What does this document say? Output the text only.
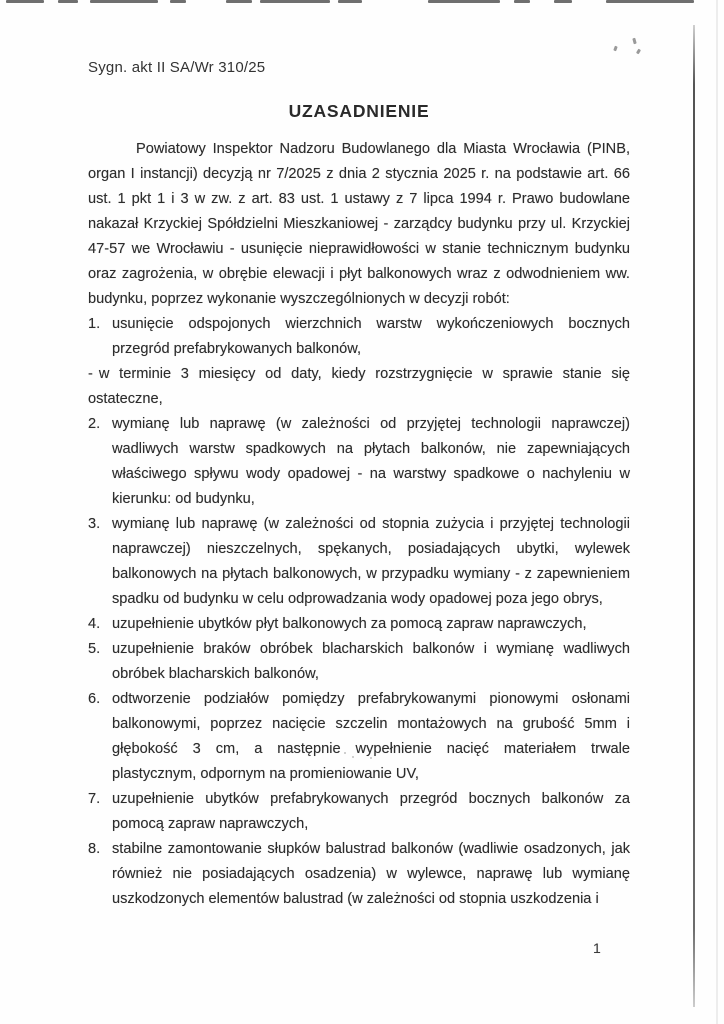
Sygn. akt II SA/Wr 310/25
UZASADNIENIE

Powiatowy Inspektor Nadzoru Budowlanego dla Miasta Wrocławia (PINB, organ I instancji) decyzją nr 7/2025 z dnia 2 stycznia 2025 r. na podstawie art. 66 ust. 1 pkt 1 i 3 w zw. z art. 83 ust. 1 ustawy z 7 lipca 1994 r. Prawo budowlane nakazał Krzyckiej Spółdzielni Mieszkaniowej - zarządcy budynku przy ul. Krzyckiej 47-57 we Wrocławiu - usunięcie nieprawidłowości w stanie technicznym budynku oraz zagrożenia, w obrębie elewacji i płyt balkonowych wraz z odwodnieniem ww. budynku, poprzez wykonanie wyszczególnionych w decyzji robót:

1. usunięcie odspojonych wierzchnich warstw wykończeniowych bocznych przegród prefabrykowanych balkonów,

- w terminie 3 miesięcy od daty, kiedy rozstrzygnięcie w sprawie stanie się ostateczne,

2. wymianę lub naprawę (w zależności od przyjętej technologii naprawczej) wadliwych warstw spadkowych na płytach balkonów, nie zapewniających właściwego spływu wody opadowej - na warstwy spadkowe o nachyleniu w kierunku: od budynku,
3. wymianę lub naprawę (w zależności od stopnia zużycia i przyjętej technologii naprawczej) nieszczelnych, spękanych, posiadających ubytki, wylewek balkonowych na płytach balkonowych, w przypadku wymiany - z zapewnieniem spadku od budynku w celu odprowadzania wody opadowej poza jego obrys,
4. uzupełnienie ubytków płyt balkonowych za pomocą zapraw naprawczych,
5. uzupełnienie braków obróbek blacharskich balkonów i wymianę wadliwych obróbek blacharskich balkonów,
6. odtworzenie podziałów pomiędzy prefabrykowanymi pionowymi osłonami balkonowymi, poprzez nacięcie szczelin montażowych na grubość 5mm i głębokość 3 cm, a następnie wypełnienie nacięć materiałem trwale plastycznym, odpornym na promieniowanie UV,
7. uzupełnienie ubytków prefabrykowanych przegród bocznych balkonów za pomocą zapraw naprawczych,
8. stabilne zamontowanie słupków balustrad balkonów (wadliwie osadzonych, jak również nie posiadających osadzenia) w wylewce, naprawę lub wymianę uszkodzonych elementów balustrad (w zależności od stopnia uszkodzenia i
1
